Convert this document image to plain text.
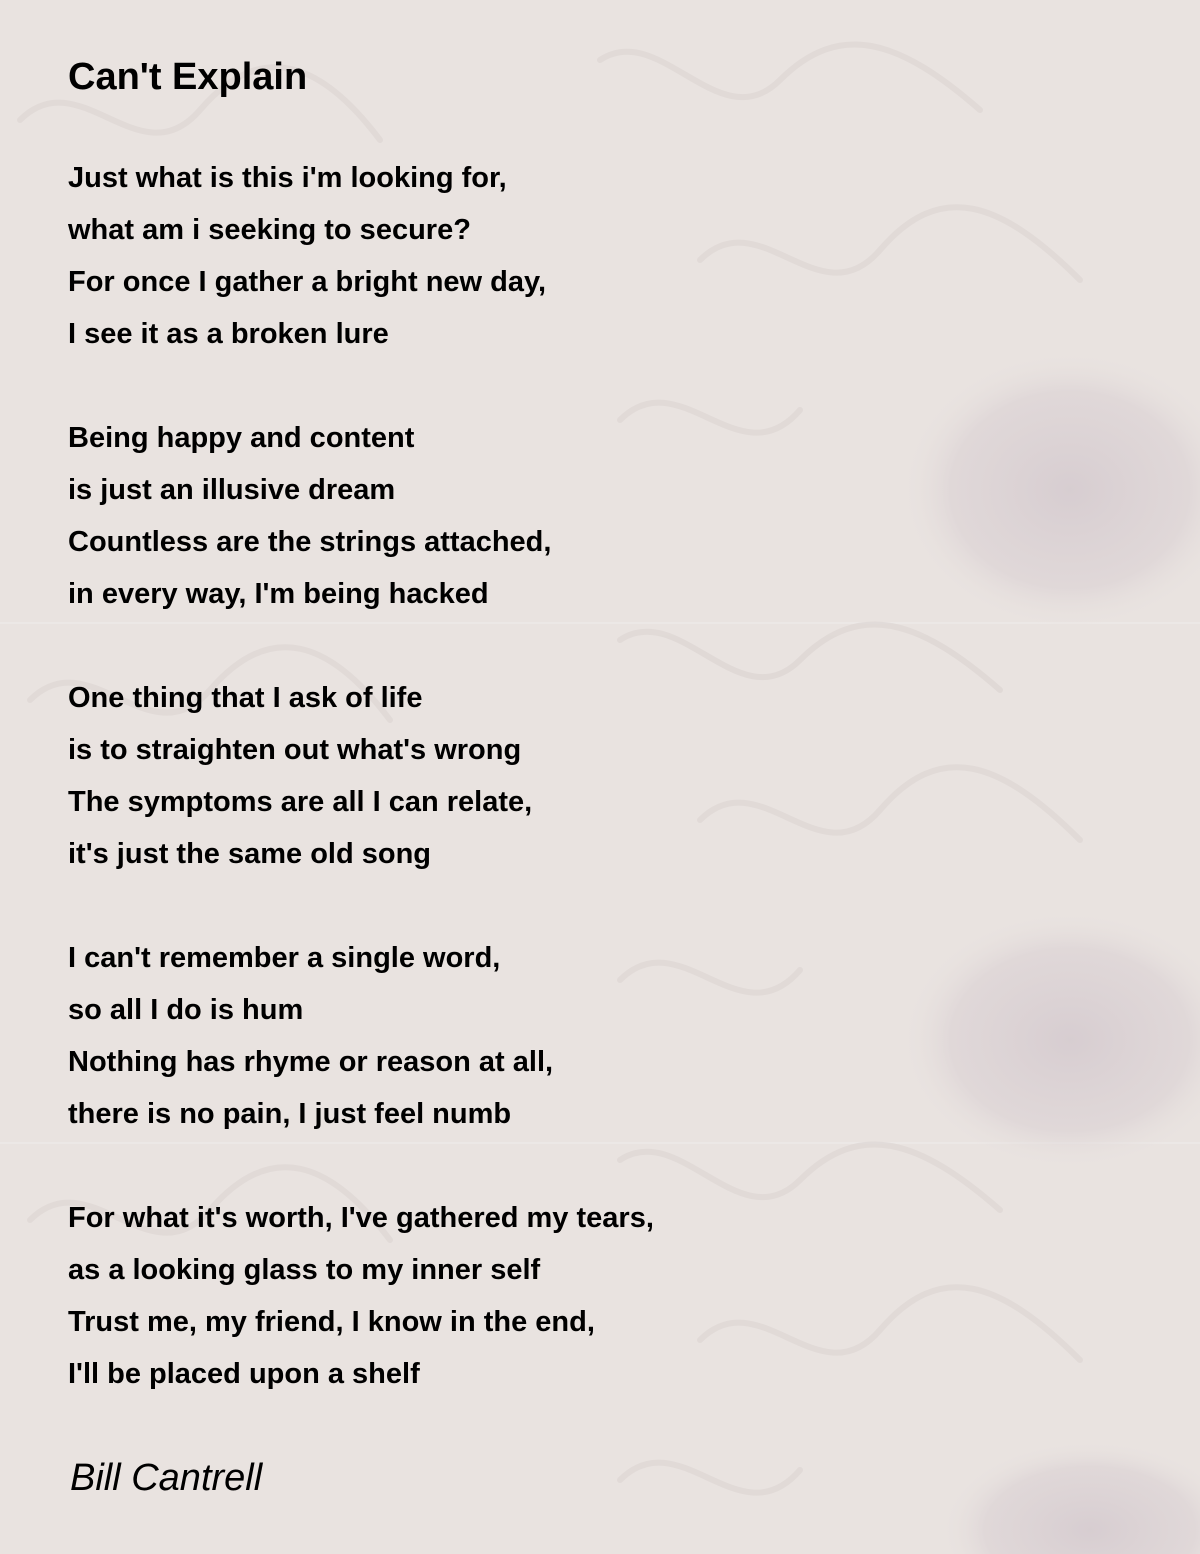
Can't Explain
Just what is this i'm looking for,
what am i seeking to secure?
For once I gather a bright new day,
I see it as a broken lure
Being happy and content
is just an illusive dream
Countless are the strings attached,
in every way, I'm being hacked
One thing that I ask of life
is to straighten out what's wrong
The symptoms are all I can relate,
it's just the same old song
I can't remember a single word,
so all I do is hum
Nothing has rhyme or reason at all,
there is no pain, I just feel numb
For what it's worth, I've gathered my tears,
as a looking glass to my inner self
Trust me, my friend, I know in the end,
I'll be placed upon a shelf

Bill Cantrell
